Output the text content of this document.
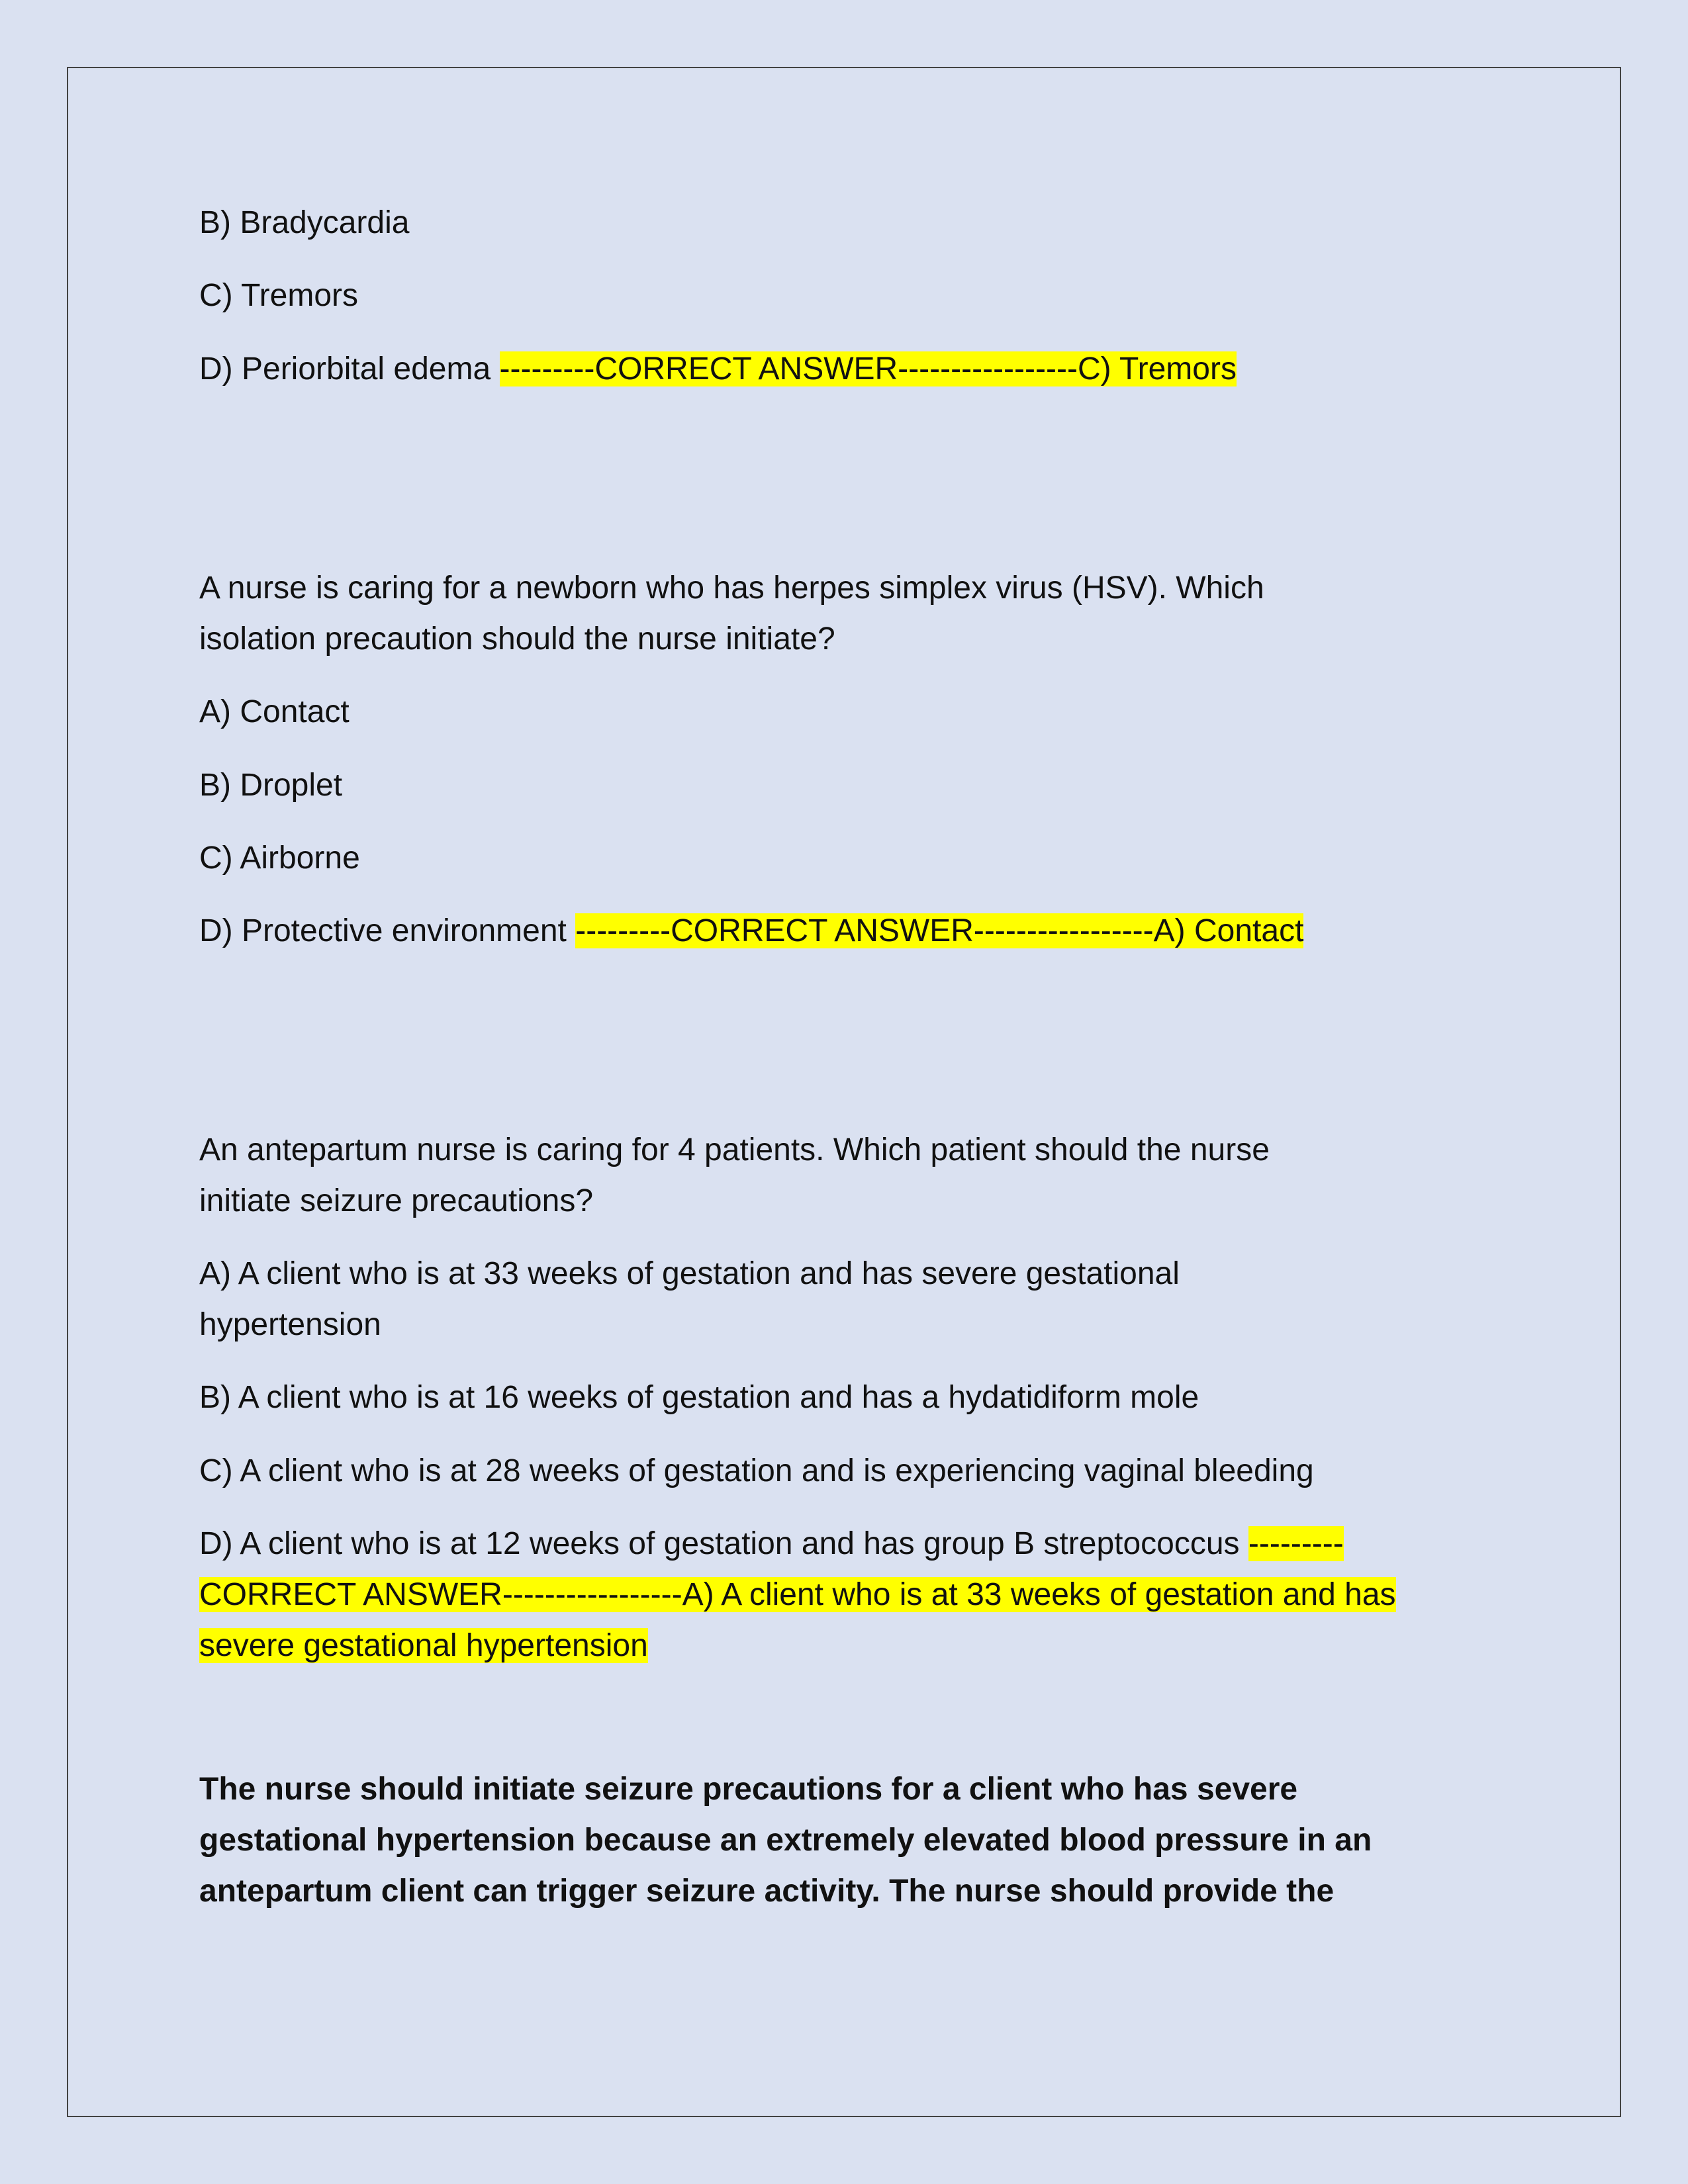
B) Bradycardia

C) Tremors

D) Periorbital edema ---------CORRECT ANSWER-----------------C) Tremors

A nurse is caring for a newborn who has herpes simplex virus (HSV). Which

isolation precaution should the nurse initiate?

A) Contact

B) Droplet

C) Airborne

D) Protective environment ---------CORRECT ANSWER-----------------A) Contact

An antepartum nurse is caring for 4 patients. Which patient should the nurse

initiate seizure precautions?

A) A client who is at 33 weeks of gestation and has severe gestational

hypertension

B) A client who is at 16 weeks of gestation and has a hydatidiform mole

C) A client who is at 28 weeks of gestation and is experiencing vaginal bleeding

D) A client who is at 12 weeks of gestation and has group B streptococcus ---------

CORRECT ANSWER-----------------A) A client who is at 33 weeks of gestation and has

severe gestational hypertension

The nurse should initiate seizure precautions for a client who has severe

gestational hypertension because an extremely elevated blood pressure in an

antepartum client can trigger seizure activity. The nurse should provide the
